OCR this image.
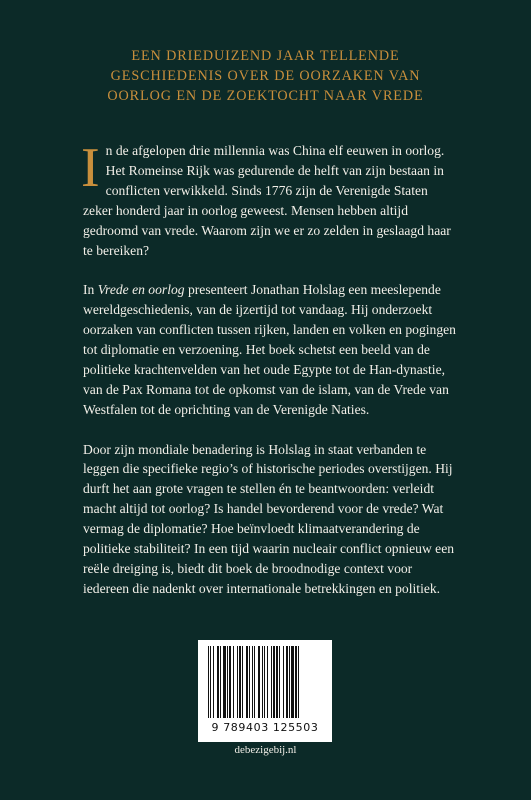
EEN DRIEDUIZEND JAAR TELLENDE
GESCHIEDENIS OVER DE OORZAKEN VAN
OORLOG EN DE ZOEKTOCHT NAAR VREDE

In de afgelopen drie millennia was China elf eeuwen in oorlog. Het Romeinse Rijk was gedurende de helft van zijn bestaan in conflicten verwikkeld. Sinds 1776 zijn de Verenigde Staten zeker honderd jaar in oorlog geweest. Mensen hebben altijd gedroomd van vrede. Waarom zijn we er zo zelden in geslaagd haar te bereiken?

In Vrede en oorlog presenteert Jonathan Holslag een meeslepende wereldgeschiedenis, van de ijzertijd tot vandaag. Hij onderzoekt oorzaken van conflicten tussen rijken, landen en volken en pogingen tot diplomatie en verzoening. Het boek schetst een beeld van de politieke krachtenvelden van het oude Egypte tot de Han-dynastie, van de Pax Romana tot de opkomst van de islam, van de Vrede van Westfalen tot de oprichting van de Verenigde Naties.

Door zijn mondiale benadering is Holslag in staat verbanden te leggen die specifieke regio’s of historische periodes overstijgen. Hij durft het aan grote vragen te stellen én te beantwoorden: verleidt macht altijd tot oorlog? Is handel bevorderend voor de vrede? Wat vermag de diplomatie? Hoe beïnvloedt klimaatverandering de politieke stabiliteit? In een tijd waarin nucleair conflict opnieuw een reële dreiging is, biedt dit boek de broodnodige context voor iedereen die nadenkt over internationale betrekkingen en politiek.

9 789403 125503
debezigebij.nl
